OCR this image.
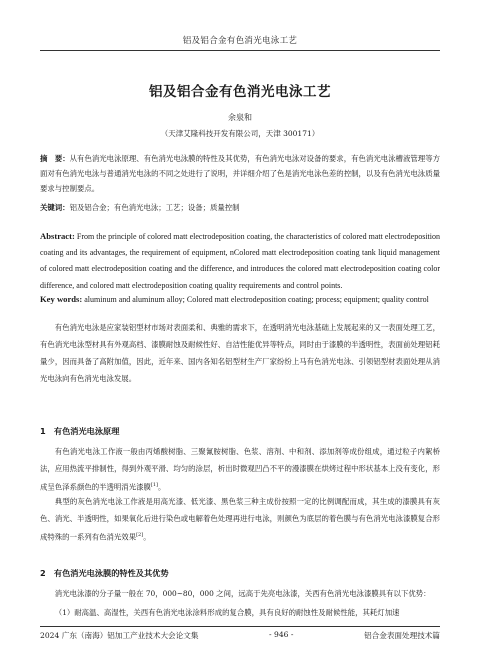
铝及铝合金有色消光电泳工艺
铝及铝合金有色消光电泳工艺
余泉和
（天津艾隆科技开发有限公司，天津 300171）
摘　要：从有色消光电泳原理、有色消光电泳膜的特性及其优势，有色消光电泳对设备的要求，有色消光电泳槽液管理等方面对有色消光电泳与普通消光电泳的不同之处进行了说明，并详细介绍了色是消光电泳色差的控制，以及有色消光电泳质量要求与控制要点。
关键词：铝及铝合金；有色消光电泳；工艺；设备；质量控制
Abstract: From the principle of colored matt electrodeposition coating, the characteristics of colored matt electrodeposition coating and its advantages, the requirement of equipment, nColored matt electrodeposition coating tank liquid management of colored matt electrodeposition coating and the difference, and introduces the colored matt electrodeposition coating color difference, and colored matt electrodeposition coating quality requirements and control points.
Key words: aluminum and aluminum alloy; Colored matt electrodeposition coating; process; equipment; quality control
有色消光电泳是应家装铝型材市场对表面柔和、典雅的需求下，在透明消光电泳基础上发展起来的又一表面处理工艺，有色消光电泳型材具有外观高档、漆膜耐蚀及耐候性好、自洁性能优异等特点，同时由于漆膜的半透明性，表面前处理铝耗量少，因而具备了高附加值，因此，近年来、国内各知名铝型材生产厂家纷纷上马有色消光电泳、引领铝型材表面处理从消光电泳向有色消光电泳发展。
1　有色消光电泳原理
有色消光电泳工作液一般由丙烯酸树脂、三聚氰胺树脂、色浆、溶剂、中和剂、添加剂等成份组成，通过粒子内絮桥法，应用热流平排制性，得到外观平滑、均匀的涂层，析出时微观凹凸不平的漫漆膜在烘烤过程中形状基本上没有变化，形成呈色泽系颜色的半透明消光漆膜[1]。
典型的灰色消光电泳工作液是用高光漆、低光漆、黑色浆三种主成份按照一定的比例调配而成，其生成的漆膜具有灰色、消光、半透明性，如果氧化后进行染色或电解着色处理再进行电泳，则颜色为底层的着色膜与有色消光电泳漆膜复合形成特殊的一系列有色消光效果[2]。
2　有色消光电泳膜的特性及其优势
消光电泳漆的分子量一般在 70，000~80，000 之间，远高于先亮电泳漆，关西有色消光电泳漆膜具有以下优势：
（1）耐高温、高湿性，关西有色消光电泳涂料形成的复合膜，具有良好的耐蚀性及耐候性能，其耗灯加速
2024 广东（南海）铝加工产业技术大会论文集	- 946 -	铝合金表面处理技术篇
